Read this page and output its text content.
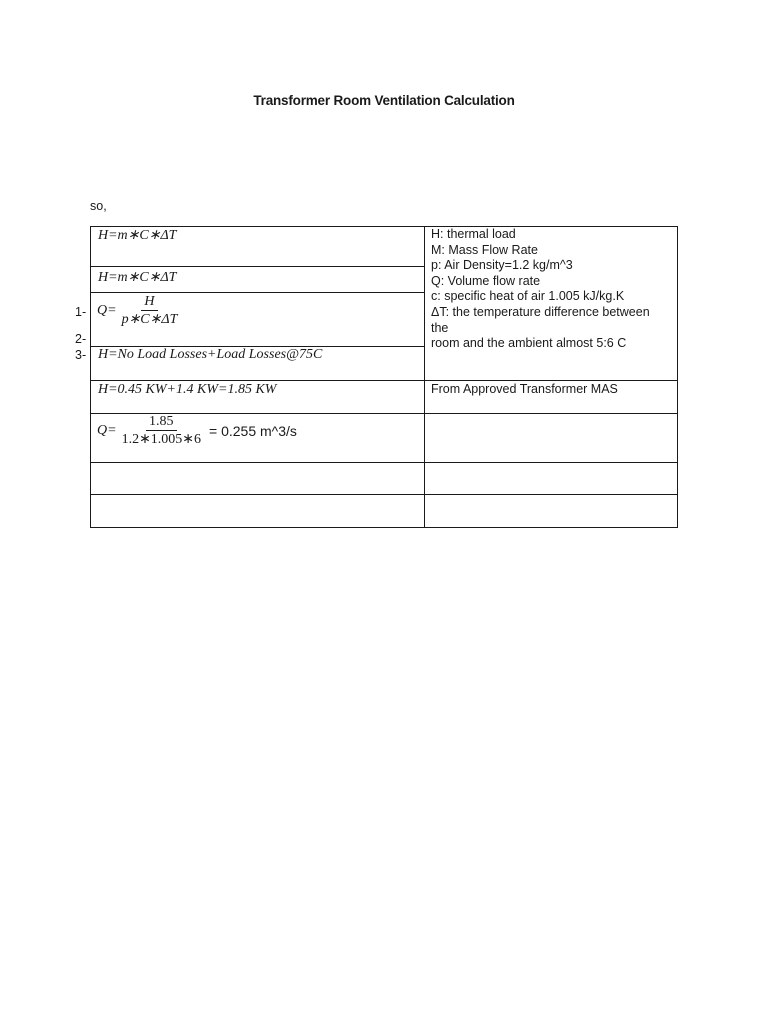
Transformer Room Ventilation Calculation
so,
1-
2-
3-
H=m∗C∗ΔT
H=m∗C∗ΔT
$Q= \frac{H}{p∗C∗\Delta T}$
H=No Load Losses+Load Losses@75C
H=0.45 KW+1.4 KW=1.85 KW
$Q= \frac{1.85}{1.2∗1.005∗6} = 0.255$ m^3/s
H: thermal load
M: Mass Flow Rate
p: Air Density=1.2 kg/m^3
Q: Volume flow rate
c: specific heat of air 1.005 kJ/kg.K
ΔT: the temperature difference between
the
room and the ambient almost 5:6 C
From Approved Transformer MAS
